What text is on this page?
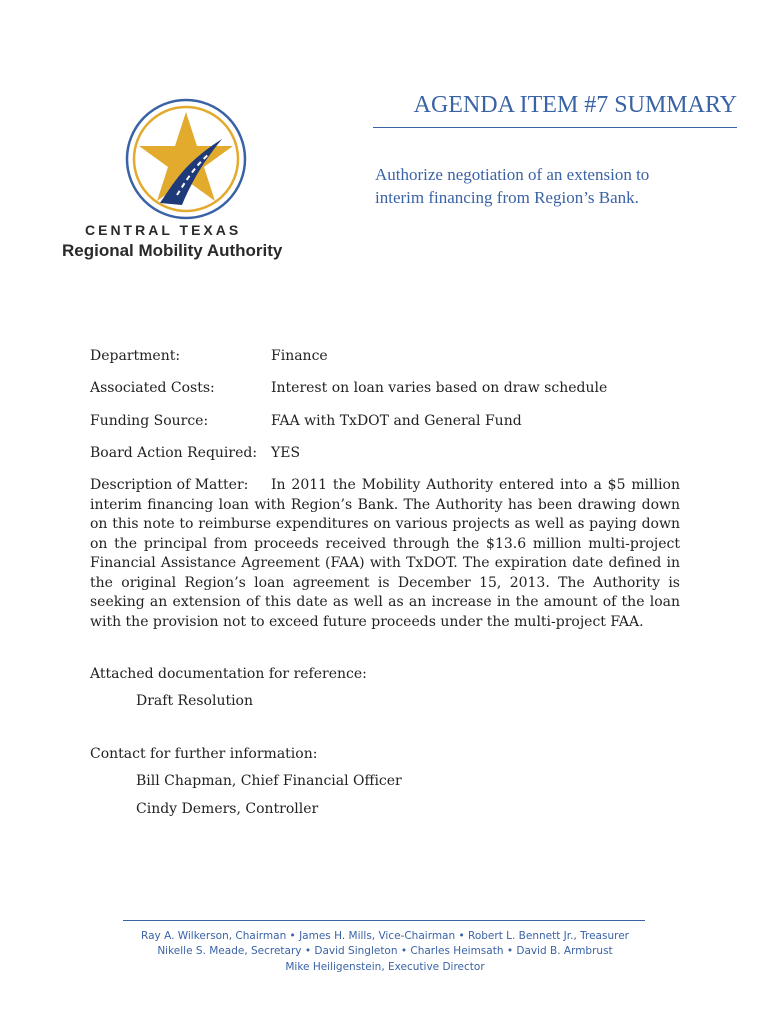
CENTRAL TEXAS
Regional Mobility Authority
AGENDA ITEM #7 SUMMARY
Authorize negotiation of an extension to
interim financing from Region’s Bank.
Department:	Finance
Associated Costs:	Interest on loan varies based on draw schedule
Funding Source:	FAA with TxDOT and General Fund
Board Action Required: YES
Description of Matter: In 2011 the Mobility Authority entered into a $5 million interim financing loan with Region’s Bank. The Authority has been drawing down on this note to reimburse expenditures on various projects as well as paying down on the principal from proceeds received through the $13.6 million multi-project Financial Assistance Agreement (FAA) with TxDOT. The expiration date defined in the original Region’s loan agreement is December 15, 2013. The Authority is seeking an extension of this date as well as an increase in the amount of the loan with the provision not to exceed future proceeds under the multi-project FAA.
Attached documentation for reference:
Draft Resolution
Contact for further information:
Bill Chapman, Chief Financial Officer
Cindy Demers, Controller
Ray A. Wilkerson, Chairman • James H. Mills, Vice-Chairman • Robert L. Bennett Jr., Treasurer
Nikelle S. Meade, Secretary • David Singleton • Charles Heimsath • David B. Armbrust
Mike Heiligenstein, Executive Director
